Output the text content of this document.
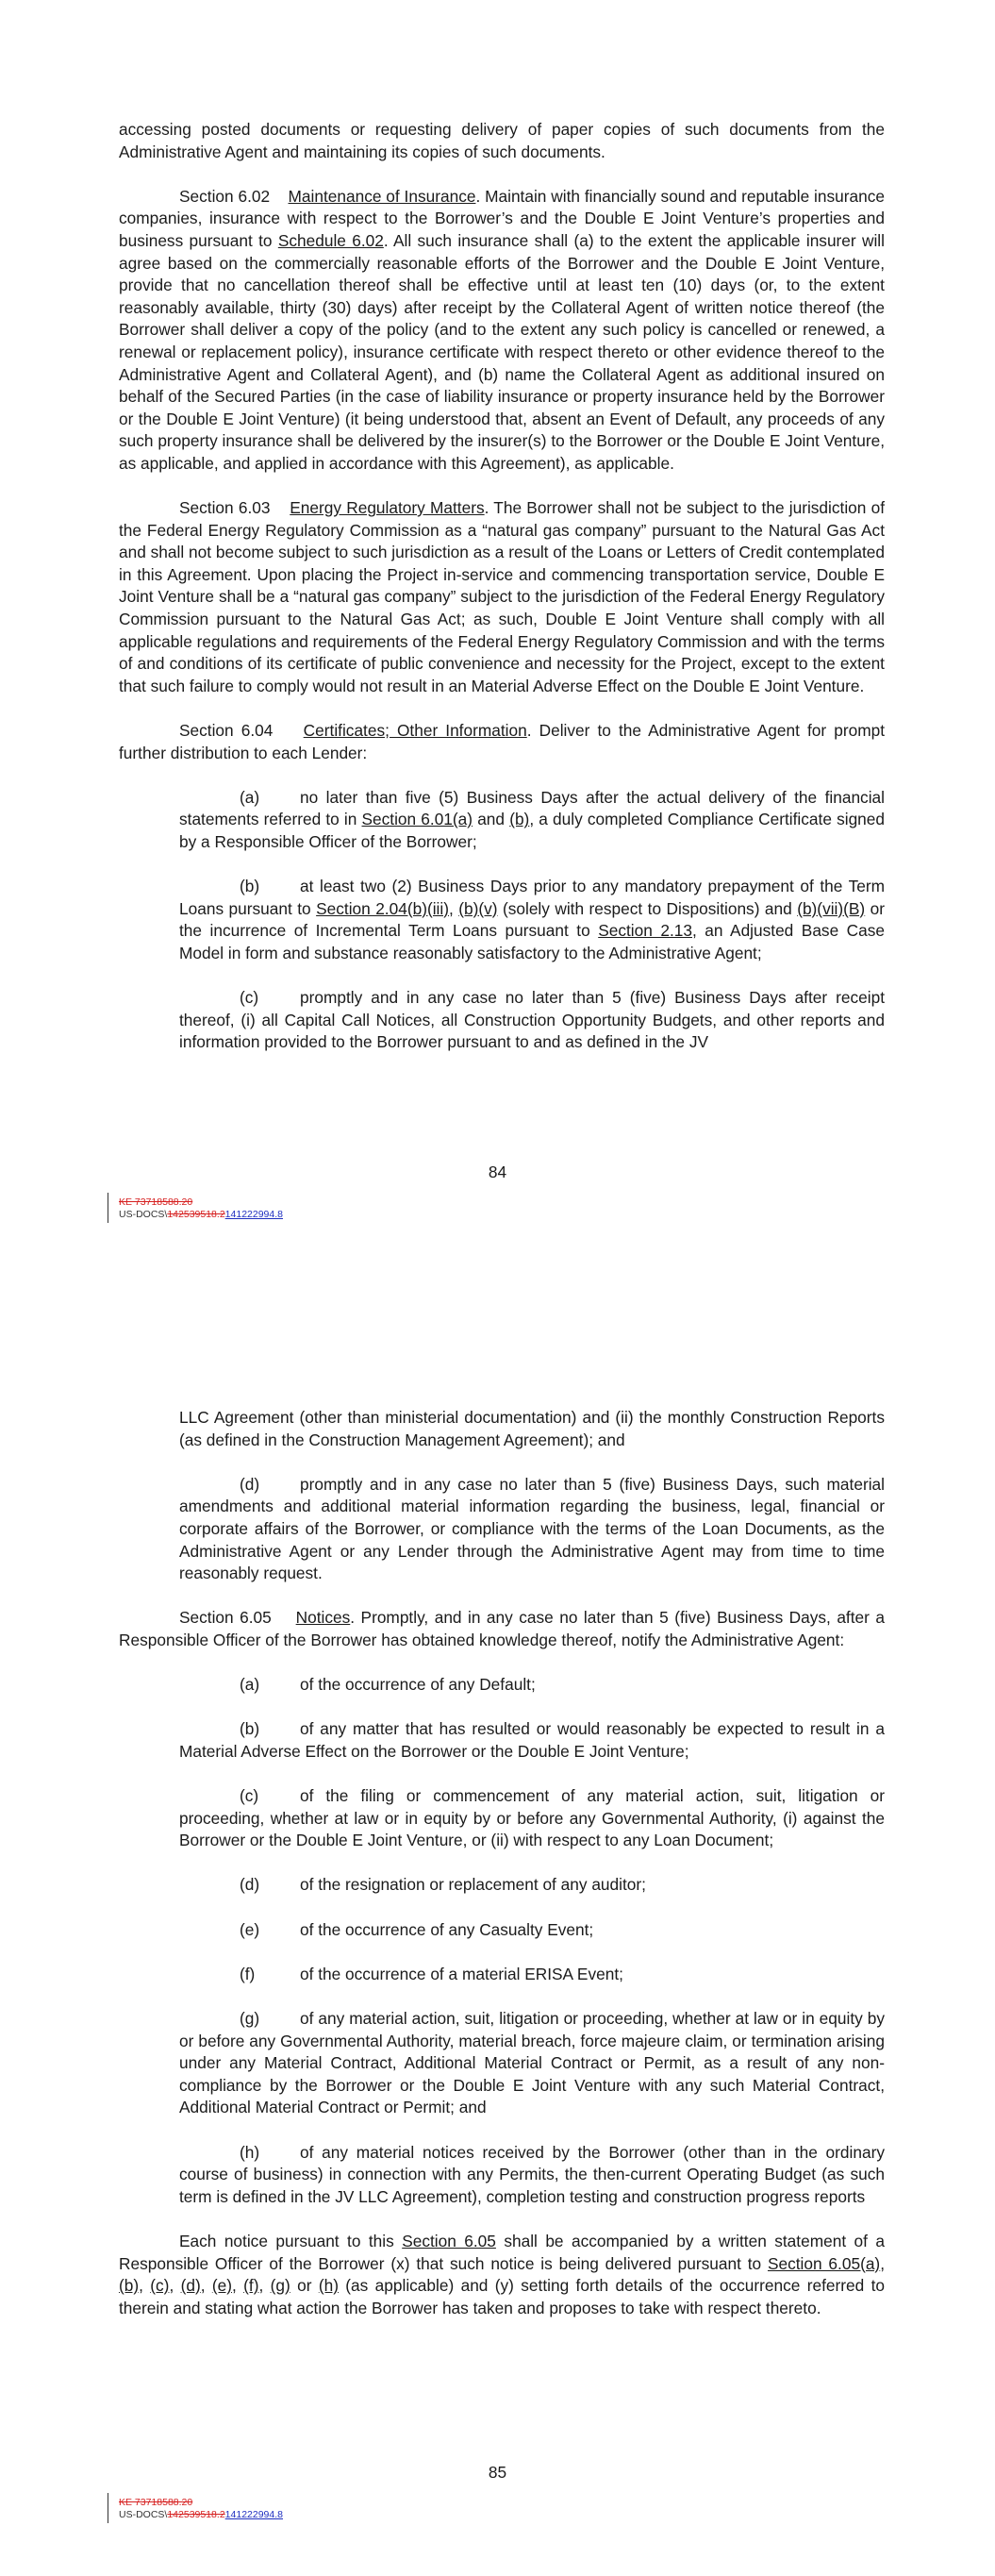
accessing posted documents or requesting delivery of paper copies of such documents from the Administrative Agent and maintaining its copies of such documents.

Section 6.02 Maintenance of Insurance. Maintain with financially sound and reputable insurance companies, insurance with respect to the Borrower’s and the Double E Joint Venture’s properties and business pursuant to Schedule 6.02. All such insurance shall (a) to the extent the applicable insurer will agree based on the commercially reasonable efforts of the Borrower and the Double E Joint Venture, provide that no cancellation thereof shall be effective until at least ten (10) days (or, to the extent reasonably available, thirty (30) days) after receipt by the Collateral Agent of written notice thereof (the Borrower shall deliver a copy of the policy (and to the extent any such policy is cancelled or renewed, a renewal or replacement policy), insurance certificate with respect thereto or other evidence thereof to the Administrative Agent and Collateral Agent), and (b) name the Collateral Agent as additional insured on behalf of the Secured Parties (in the case of liability insurance or property insurance held by the Borrower or the Double E Joint Venture) (it being understood that, absent an Event of Default, any proceeds of any such property insurance shall be delivered by the insurer(s) to the Borrower or the Double E Joint Venture, as applicable, and applied in accordance with this Agreement), as applicable.

Section 6.03 Energy Regulatory Matters. The Borrower shall not be subject to the jurisdiction of the Federal Energy Regulatory Commission as a “natural gas company” pursuant to the Natural Gas Act and shall not become subject to such jurisdiction as a result of the Loans or Letters of Credit contemplated in this Agreement. Upon placing the Project in-service and commencing transportation service, Double E Joint Venture shall be a “natural gas company” subject to the jurisdiction of the Federal Energy Regulatory Commission pursuant to the Natural Gas Act; as such, Double E Joint Venture shall comply with all applicable regulations and requirements of the Federal Energy Regulatory Commission and with the terms of and conditions of its certificate of public convenience and necessity for the Project, except to the extent that such failure to comply would not result in an Material Adverse Effect on the Double E Joint Venture.

Section 6.04 Certificates; Other Information. Deliver to the Administrative Agent for prompt further distribution to each Lender:

(a) no later than five (5) Business Days after the actual delivery of the financial statements referred to in Section 6.01(a) and (b), a duly completed Compliance Certificate signed by a Responsible Officer of the Borrower;

(b) at least two (2) Business Days prior to any mandatory prepayment of the Term Loans pursuant to Section 2.04(b)(iii), (b)(v) (solely with respect to Dispositions) and (b)(vii)(B) or the incurrence of Incremental Term Loans pursuant to Section 2.13, an Adjusted Base Case Model in form and substance reasonably satisfactory to the Administrative Agent;

(c)	promptly and in any case no later than 5 (five) Business Days after receipt thereof, (i) all Capital Call Notices, all Construction Opportunity Budgets, and other reports and information provided to the Borrower pursuant to and as defined in the JV

84
KE 73718588.20
US-DOCS\142539518.2141222994.8

LLC Agreement (other than ministerial documentation) and (ii) the monthly Construction Reports (as defined in the Construction Management Agreement); and

(d) promptly and in any case no later than 5 (five) Business Days, such material amendments and additional material information regarding the business, legal, financial or corporate affairs of the Borrower, or compliance with the terms of the Loan Documents, as the Administrative Agent or any Lender through the Administrative Agent may from time to time reasonably request.

Section 6.05 Notices. Promptly, and in any case no later than 5 (five) Business Days, after a Responsible Officer of the Borrower has obtained knowledge thereof, notify the Administrative Agent:

(a) of the occurrence of any Default;

(b) of any matter that has resulted or would reasonably be expected to result in a Material Adverse Effect on the Borrower or the Double E Joint Venture;

(c)	of the filing or commencement of any material action, suit, litigation or proceeding, whether at law or in equity by or before any Governmental Authority, (i) against the Borrower or the Double E Joint Venture, or (ii) with respect to any Loan Document;

(d) of the resignation or replacement of any auditor;

(e) of the occurrence of any Casualty Event;

(f)	of the occurrence of a material ERISA Event;

(g) of any material action, suit, litigation or proceeding, whether at law or in equity by or before any Governmental Authority, material breach, force majeure claim, or termination arising under any Material Contract, Additional Material Contract or Permit, as a result of any non-compliance by the Borrower or the Double E Joint Venture with any such Material Contract, Additional Material Contract or Permit; and

(h) of any material notices received by the Borrower (other than in the ordinary course of business) in connection with any Permits, the then-current Operating Budget (as such term is defined in the JV LLC Agreement), completion testing and construction progress reports

Each notice pursuant to this Section 6.05 shall be accompanied by a written statement of a Responsible Officer of the Borrower (x) that such notice is being delivered pursuant to Section 6.05(a), (b), (c), (d), (e), (f), (g) or (h) (as applicable) and (y) setting forth details of the occurrence referred to therein and stating what action the Borrower has taken and proposes to take with respect thereto.

85
KE 73718588.20
US-DOCS\142539518.2141222994.8
